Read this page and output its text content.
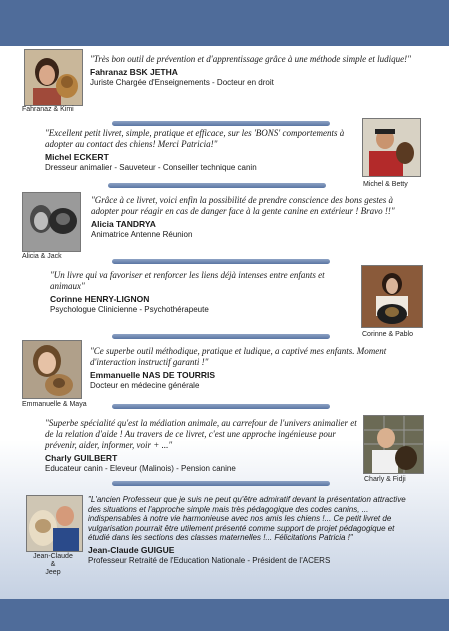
Fahranaz & Kimi

"Très bon outil de prévention et d'apprentissage grâce à une méthode simple et ludique!"

Fahranaz BSK JETHA
Juriste Chargée d'Enseignements - Docteur en droit

"Excellent petit livret, simple, pratique et efficace, sur les 'BONS' comportements à adopter au contact des chiens! Merci Patricia!"

Michel ECKERT
Dresseur animalier - Sauveteur - Conseiller technique canin
Michel & Betty
Alicia & Jack

"Grâce à ce livret, voici enfin la possibilité de prendre conscience des bons gestes à adopter pour réagir en cas de danger face à la gente canine en extérieur ! Bravo !!"

Alicia TANDRYA
Animatrice Antenne Réunion

"Un livre qui va favoriser et renforcer les liens déjà intenses entre enfants et animaux"

Corinne HENRY-LIGNON
Psychologue Clinicienne - Psychothérapeute
Corinne & Pablo
Emmanuelle & Maya

"Ce superbe outil méthodique, pratique et ludique, a captivé mes enfants. Moment d'interaction instructif garanti !"

Emmanuelle NAS DE TOURRIS
Docteur en médecine générale

"Superbe spécialité qu'est la médiation animale, au carrefour de l'univers animalier et de la relation d'aide ! Au travers de ce livret, c'est une approche ingénieuse pour prévenir, aider, informer, voir + ..."

Charly GUILBERT
Educateur canin - Eleveur (Malinois) - Pension canine
Charly & Fidji
Jean-Claude
&
Jeep

"L'ancien Professeur que je suis ne peut qu'être admiratif devant la présentation attractive des situations et l'approche simple mais très pédagogique des codes canins, ... indispensables à notre vie harmonieuse avec nos amis les chiens !... Ce petit livret de vulgarisation pourrait être utilement présenté comme support de projet pédagogique et étudié dans les sections des classes maternelles !... Félicitations Patricia !"

Jean-Claude GUIGUE
Professeur Retraité de l'Education Nationale - Président de l'ACERS
